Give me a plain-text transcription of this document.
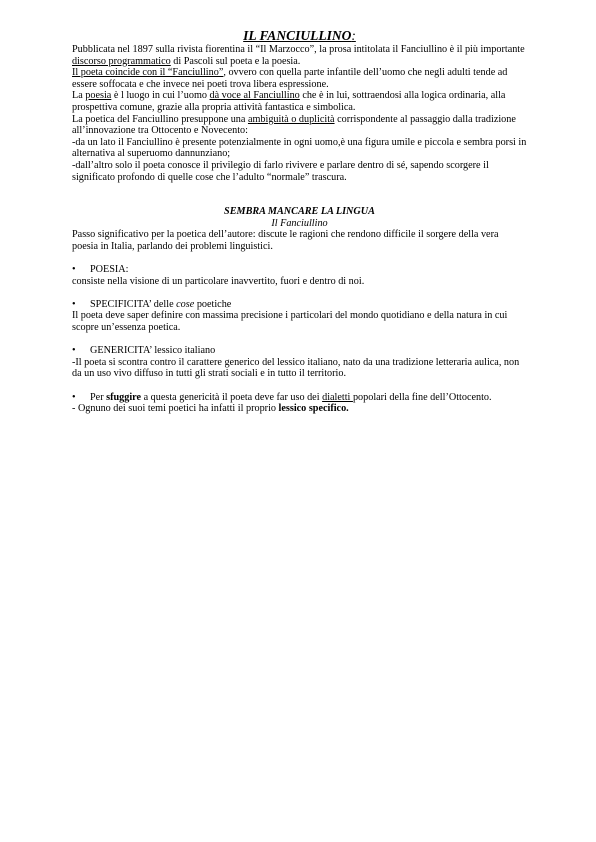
IL FANCIULLINO:

Pubblicata nel 1897 sulla rivista fiorentina il “Il Marzocco”, la prosa intitolata il Fanciullino è il più importante discorso programmatico di Pascoli sul poeta e la poesia.

Il poeta coincide con il “Fanciullino”, ovvero con quella parte infantile dell’uomo che negli adulti tende ad essere soffocata e che invece nei poeti trova libera espressione.

La poesia è l luogo in cui l’uomo dà voce al Fanciullino che è in lui, sottraendosi alla logica ordinaria, alla prospettiva comune, grazie alla propria attività fantastica e simbolica.

La poetica del Fanciullino presuppone una ambiguità o duplicità corrispondente al passaggio dalla tradizione all’innovazione tra Ottocento e Novecento:

-da un lato il Fanciullino è presente potenzialmente in ogni uomo,è una figura umile e piccola e sembra porsi in alternativa al superuomo dannunziano;

-dall’altro solo il poeta conosce il privilegio di farlo rivivere e parlare dentro di sé, sapendo scorgere il significato profondo di quelle cose che l’adulto “normale” trascura.

SEMBRA MANCARE LA LINGUA

Il Fanciullino

Passo significativo per la poetica dell’autore: discute le ragioni che rendono difficile il sorgere della vera poesia in Italia, parlando dei problemi linguistici.

• POESIA:

consiste nella visione di un particolare inavvertito, fuori e dentro di noi.

• SPECIFICITA’ delle cose poetiche

Il poeta deve saper definire con massima precisione i particolari del mondo quotidiano e della natura in cui scopre un’essenza poetica.

• GENERICITA’ lessico italiano

-Il poeta si scontra contro il carattere generico del lessico italiano, nato da una tradizione letteraria aulica, non da un uso vivo diffuso in tutti gli strati sociali e in tutto il territorio.

• Per sfuggire a questa genericità il poeta deve far uso dei dialetti popolari della fine dell’Ottocento.

- Ognuno dei suoi temi poetici ha infatti il proprio lessico specifico.
